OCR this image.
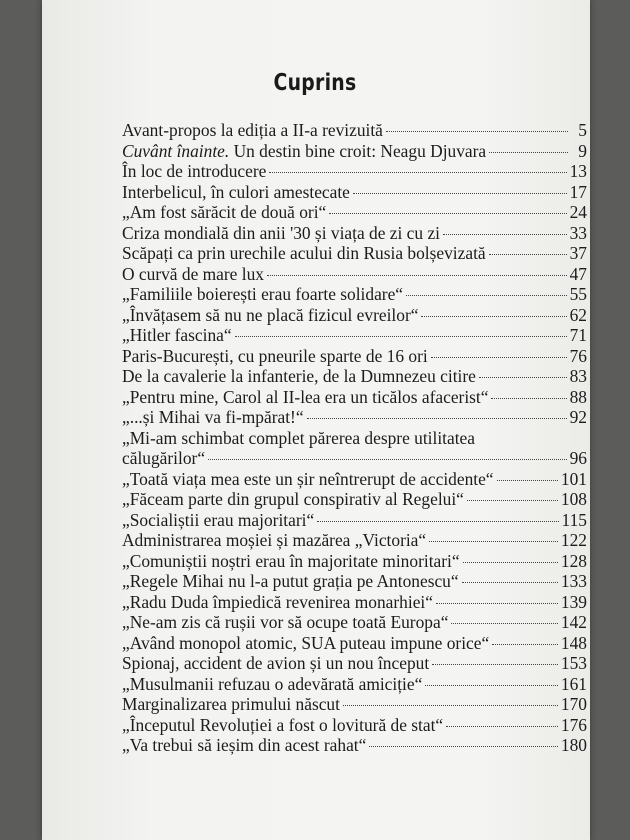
Cuprins
Avant-propos la ediția a II-a revizuită	5
Cuvânt înainte. Un destin bine croit: Neagu Djuvara	9
În loc de introducere	13
Interbelicul, în culori amestecate	17
„Am fost sărăcit de două ori“	24
Criza mondială din anii '30 și viața de zi cu zi	33
Scăpați ca prin urechile acului din Rusia bolșevizată	37
O curvă de mare lux	47
„Familiile boierești erau foarte solidare“	55
„Învățasem să nu ne placă fizicul evreilor“	62
„Hitler fascina“	71
Paris-București, cu pneurile sparte de 16 ori	76
De la cavalerie la infanterie, de la Dumnezeu citire	83
„Pentru mine, Carol al II-lea era un ticălos afacerist“	88
„...și Mihai va fi-mpărat!“	92
„Mi-am schimbat complet părerea despre utilitatea
călugărilor“	96
„Toată viața mea este un șir neîntrerupt de accidente“	101
„Făceam parte din grupul conspirativ al Regelui“	108
„Socialiștii erau majoritari“	115
Administrarea moșiei și mazărea „Victoria“	122
„Comuniștii noștri erau în majoritate minoritari“	128
„Regele Mihai nu l-a putut grația pe Antonescu“	133
„Radu Duda împiedică revenirea monarhiei“	139
„Ne-am zis că rușii vor să ocupe toată Europa“	142
„Având monopol atomic, SUA puteau impune orice“	148
Spionaj, accident de avion și un nou început	153
„Musulmanii refuzau o adevărată amiciție“	161
Marginalizarea primului născut	170
„Începutul Revoluției a fost o lovitură de stat“	176
„Va trebui să ieșim din acest rahat“	180
